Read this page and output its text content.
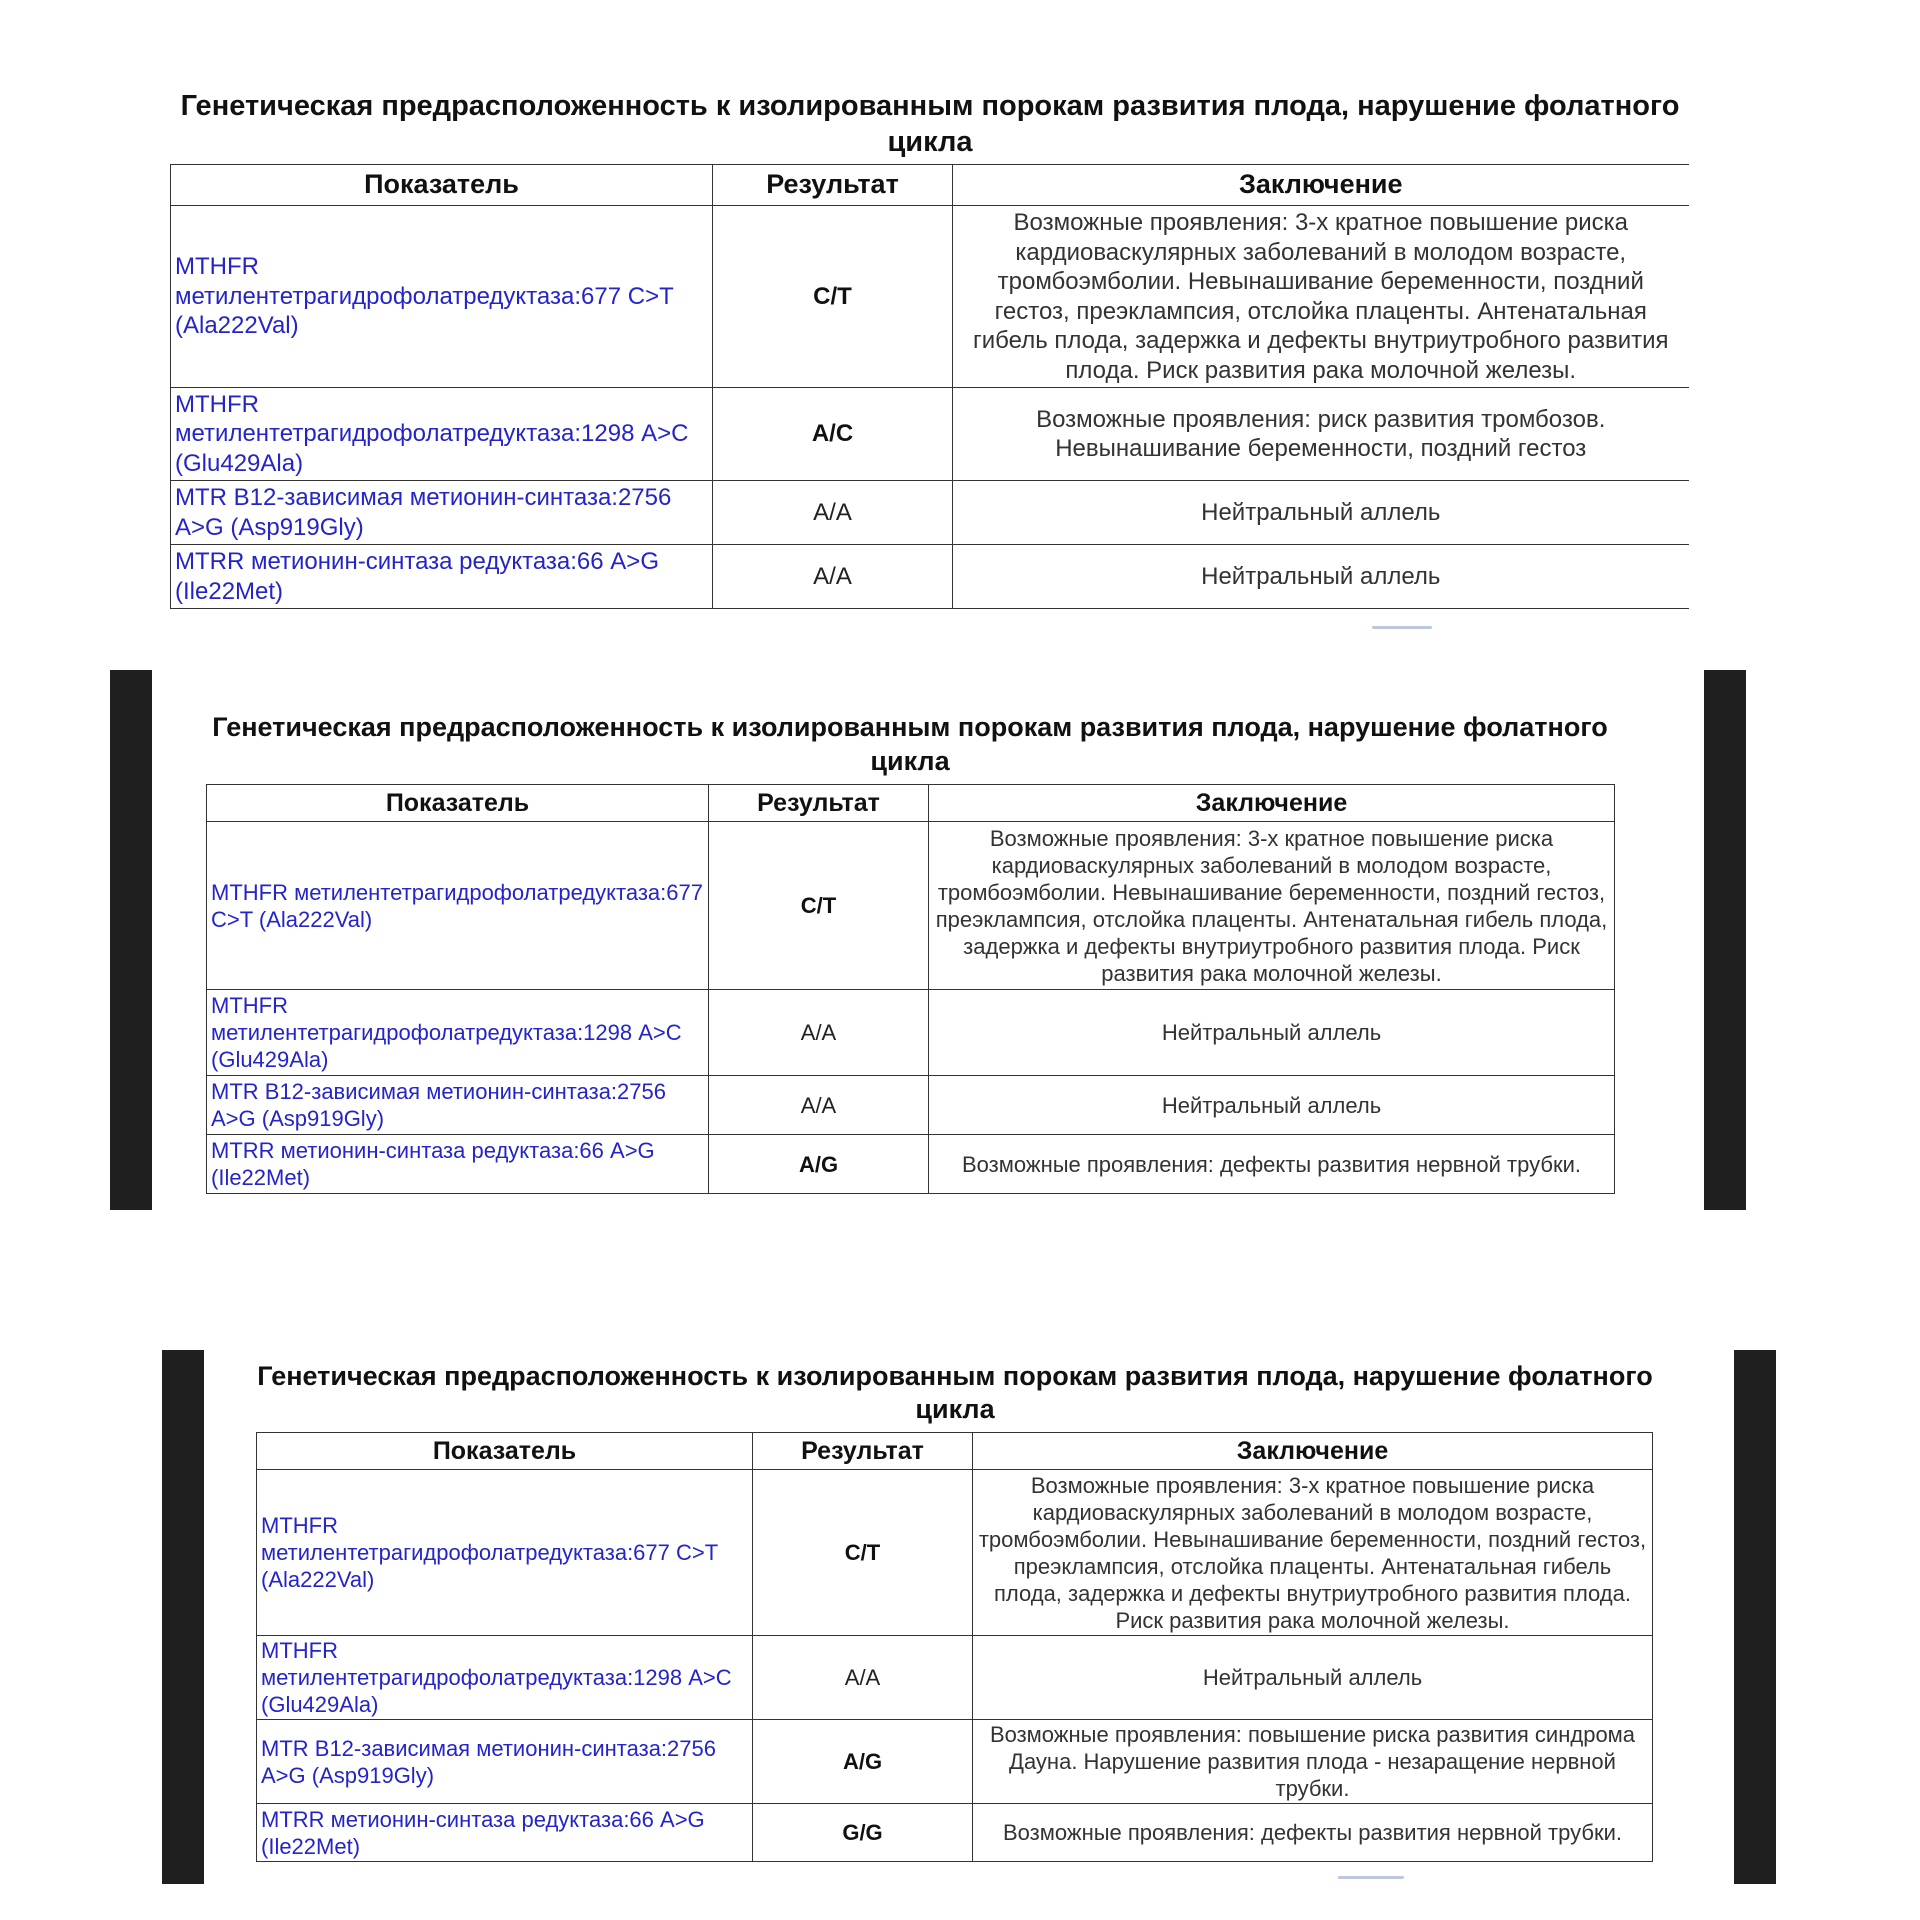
Генетическая предрасположенность к изолированным порокам развития плода, нарушение фолатного цикла
Показатель	Результат	Заключение
MTHFR метилентетрагидрофолатредуктаза:677 C>T (Ala222Val)	C/T	Возможные проявления: 3-х кратное повышение риска кардиоваскулярных заболеваний в молодом возрасте, тромбоэмболии. Невынашивание беременности, поздний гестоз, преэклампсия, отслойка плаценты. Антенатальная гибель плода, задержка и дефекты внутриутробного развития плода. Риск развития рака молочной железы.
MTHFR метилентетрагидрофолатредуктаза:1298 A>C (Glu429Ala)	A/C	Возможные проявления: риск развития тромбозов. Невынашивание беременности, поздний гестоз
MTR B12-зависимая метионин-синтаза:2756 A>G (Asp919Gly)	A/A	Нейтральный аллель
MTRR метионин-синтаза редуктаза:66 A>G (Ile22Met)	A/A	Нейтральный аллель
Генетическая предрасположенность к изолированным порокам развития плода, нарушение фолатного цикла
Показатель	Результат	Заключение
MTHFR метилентетрагидрофолатредуктаза:677 C>T (Ala222Val)	C/T	Возможные проявления: 3-х кратное повышение риска кардиоваскулярных заболеваний в молодом возрасте, тромбоэмболии. Невынашивание беременности, поздний гестоз, преэклампсия, отслойка плаценты. Антенатальная гибель плода, задержка и дефекты внутриутробного развития плода. Риск развития рака молочной железы.
MTHFR метилентетрагидрофолатредуктаза:1298 A>C (Glu429Ala)	A/A	Нейтральный аллель
MTR B12-зависимая метионин-синтаза:2756 A>G (Asp919Gly)	A/A	Нейтральный аллель
MTRR метионин-синтаза редуктаза:66 A>G (Ile22Met)	A/G	Возможные проявления: дефекты развития нервной трубки.
Генетическая предрасположенность к изолированным порокам развития плода, нарушение фолатного цикла
Показатель	Результат	Заключение
MTHFR метилентетрагидрофолатредуктаза:677 C>T (Ala222Val)	C/T	Возможные проявления: 3-х кратное повышение риска кардиоваскулярных заболеваний в молодом возрасте, тромбоэмболии. Невынашивание беременности, поздний гестоз, преэклампсия, отслойка плаценты. Антенатальная гибель плода, задержка и дефекты внутриутробного развития плода. Риск развития рака молочной железы.
MTHFR метилентетрагидрофолатредуктаза:1298 A>C (Glu429Ala)	A/A	Нейтральный аллель
MTR B12-зависимая метионин-синтаза:2756 A>G (Asp919Gly)	A/G	Возможные проявления: повышение риска развития синдрома Дауна. Нарушение развития плода - незаращение нервной трубки.
MTRR метионин-синтаза редуктаза:66 A>G (Ile22Met)	G/G	Возможные проявления: дефекты развития нервной трубки.
